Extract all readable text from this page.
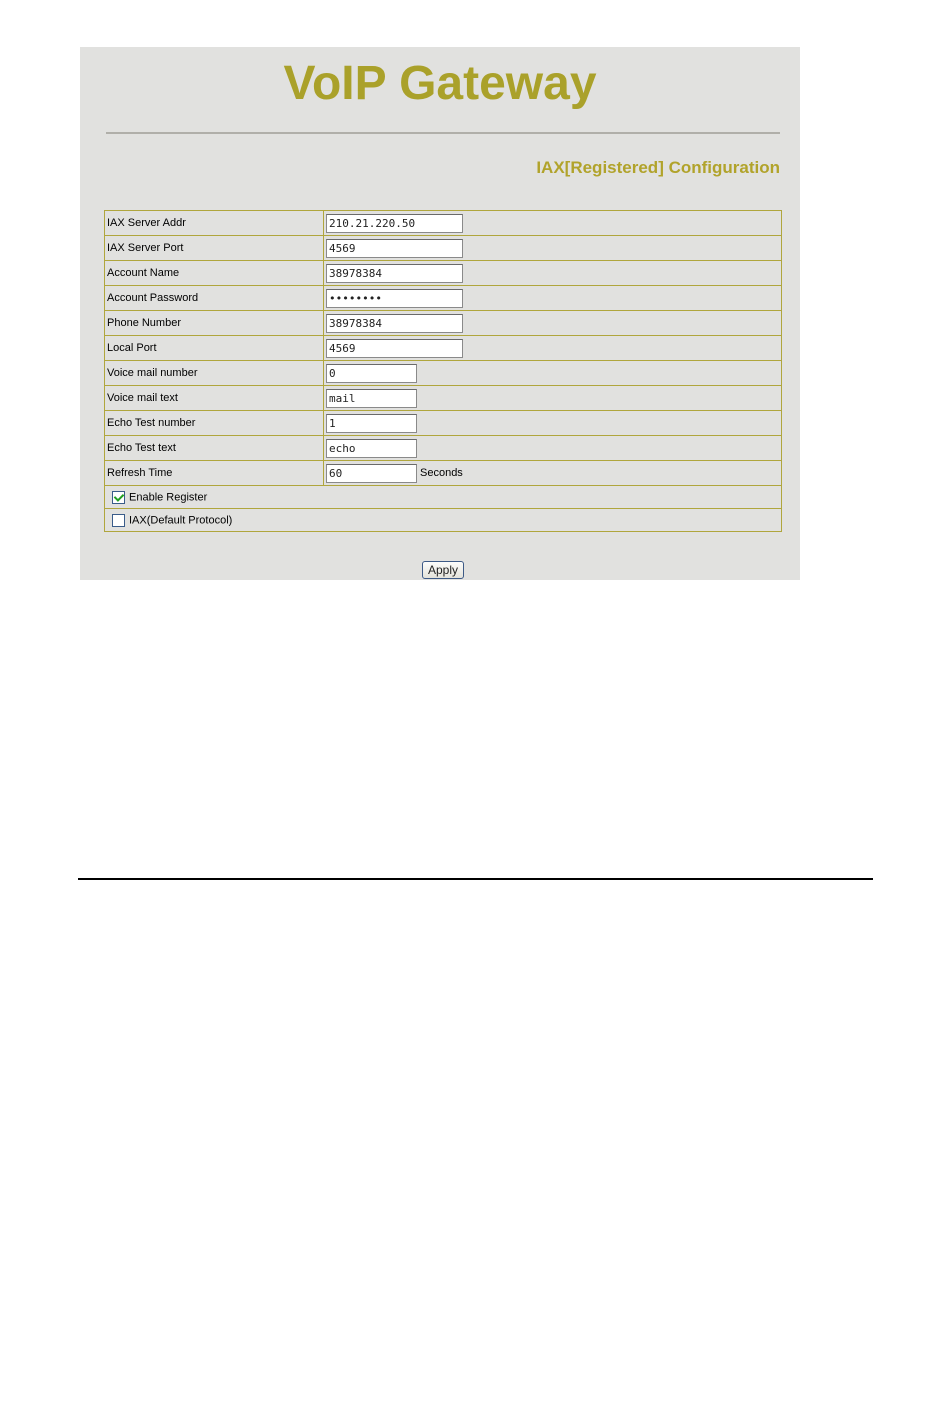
VoIP Gateway
IAX[Registered] Configuration
IAX Server Addr	210.21.220.50
IAX Server Port	4569
Account Name	38978384
Account Password	••••••••
Phone Number	38978384
Local Port	4569
Voice mail number	0
Voice mail text	mail
Echo Test number	1
Echo Test text	echo
Refresh Time	60 Seconds

Enable Register	
IAX(Default Protocol)	
Apply
